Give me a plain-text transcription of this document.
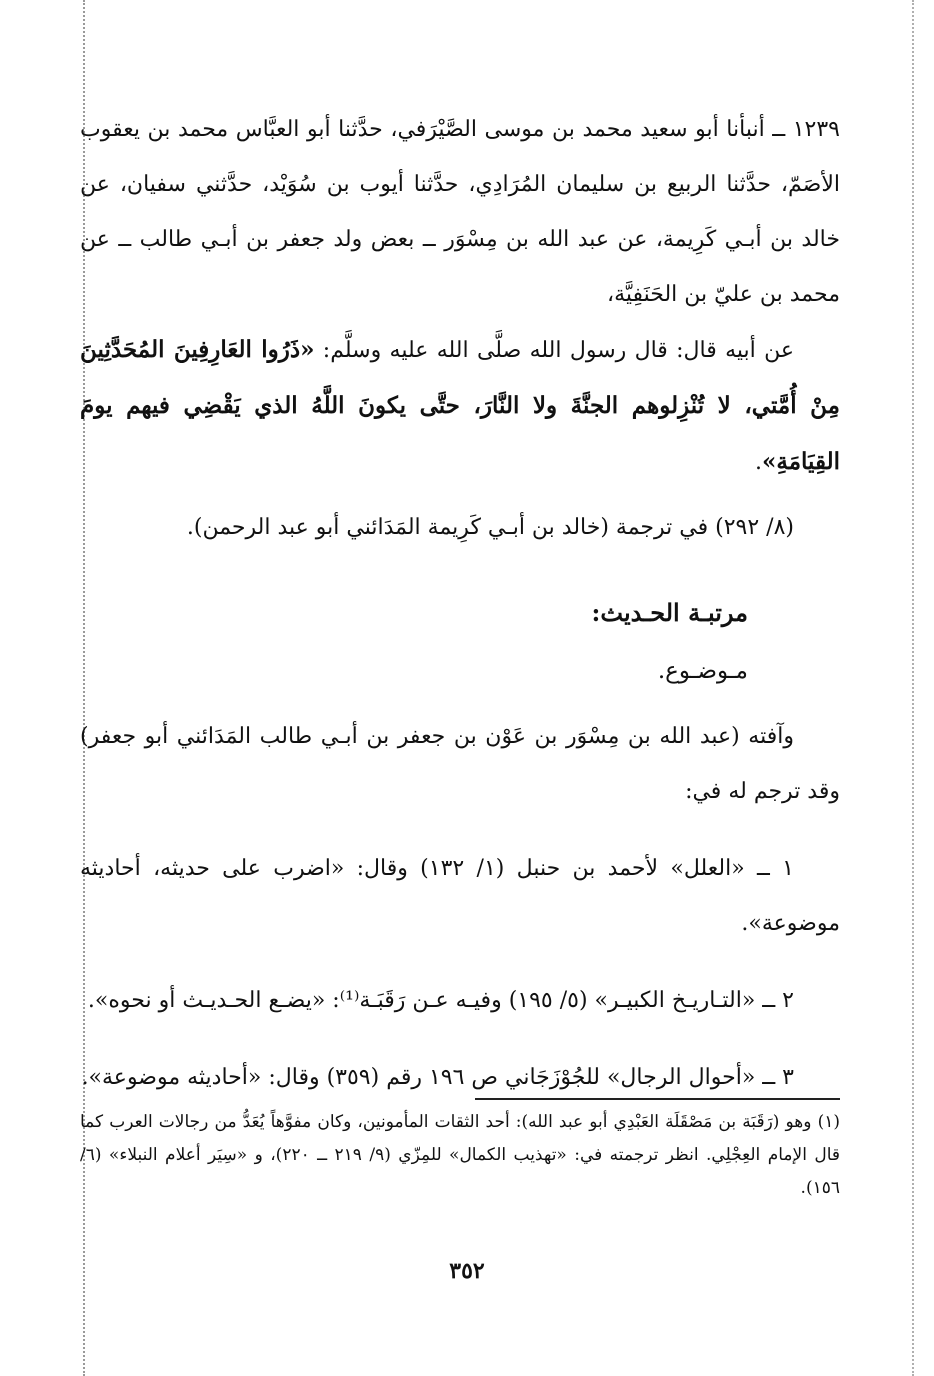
١٢٣٩ ــ أنبأنا أبو سعيد محمد بن موسى الصَّيْرَفي، حدَّثنا أبو العبَّاس محمد بن يعقوب الأصَمّ، حدَّثنا الربيع بن سليمان المُرَادِي، حدَّثنا أيوب بن سُوَيْد، حدَّثني سفيان، عن خالد بن أبـي كَرِيمة، عن عبد الله بن مِسْوَر ــ بعض ولد جعفر بن أبـي طالب ــ عن محمد بن عليّ بن الحَنَفِيَّة،

عن أبيه قال: قال رسول الله صلَّى الله عليه وسلَّم: «ذَرُوا العَارِفِينَ المُحَدَّثِينَ مِنْ أُمَّتي، لا تُنْزِلوهم الجنَّةَ ولا النَّارَ، حتَّى يكونَ اللَّهُ الذي يَقْضِي فيهم يومَ القِيَامَةِ».

(٨/ ٢٩٢) في ترجمة (خالد بن أبـي كَرِيمة المَدَائني أبو عبد الرحمن).

مرتبـة الحـديث:

مـوضـوع.

وآفته (عبد الله بن مِسْوَر بن عَوْن بن جعفر بن أبـي طالب المَدَائني أبو جعفر) وقد ترجم له في:

١ ــ «العلل» لأحمد بن حنبل (١/ ١٣٢) وقال: «اضرب على حديثه، أحاديثه موضوعة».

٢ ــ «التـاريـخ الكبيـر» (٥/ ١٩٥) وفيـه عـن رَقَبَـة⁽¹⁾: «يضـع الحـديـث أو نحوه».

٣ ــ «أحوال الرجال» للجُوْزَجَاني ص ١٩٦ رقم (٣٥٩) وقال: «أحاديثه موضوعة».

(١) وهو (رَقَبَة بن مَصْقَلَة العَبْدِي أبو عبد الله): أحد الثقات المأمونين، وكان مفوَّهاً يُعَدُّ من رجالات العرب كما قال الإمام العِجْلِي. انظر ترجمته في: «تهذيب الكمال» للمِزّي (٩/ ٢١٩ ــ ٢٢٠)، و «سِيَر أعلام النبلاء» (٦/ ١٥٦).

٣٥٢
